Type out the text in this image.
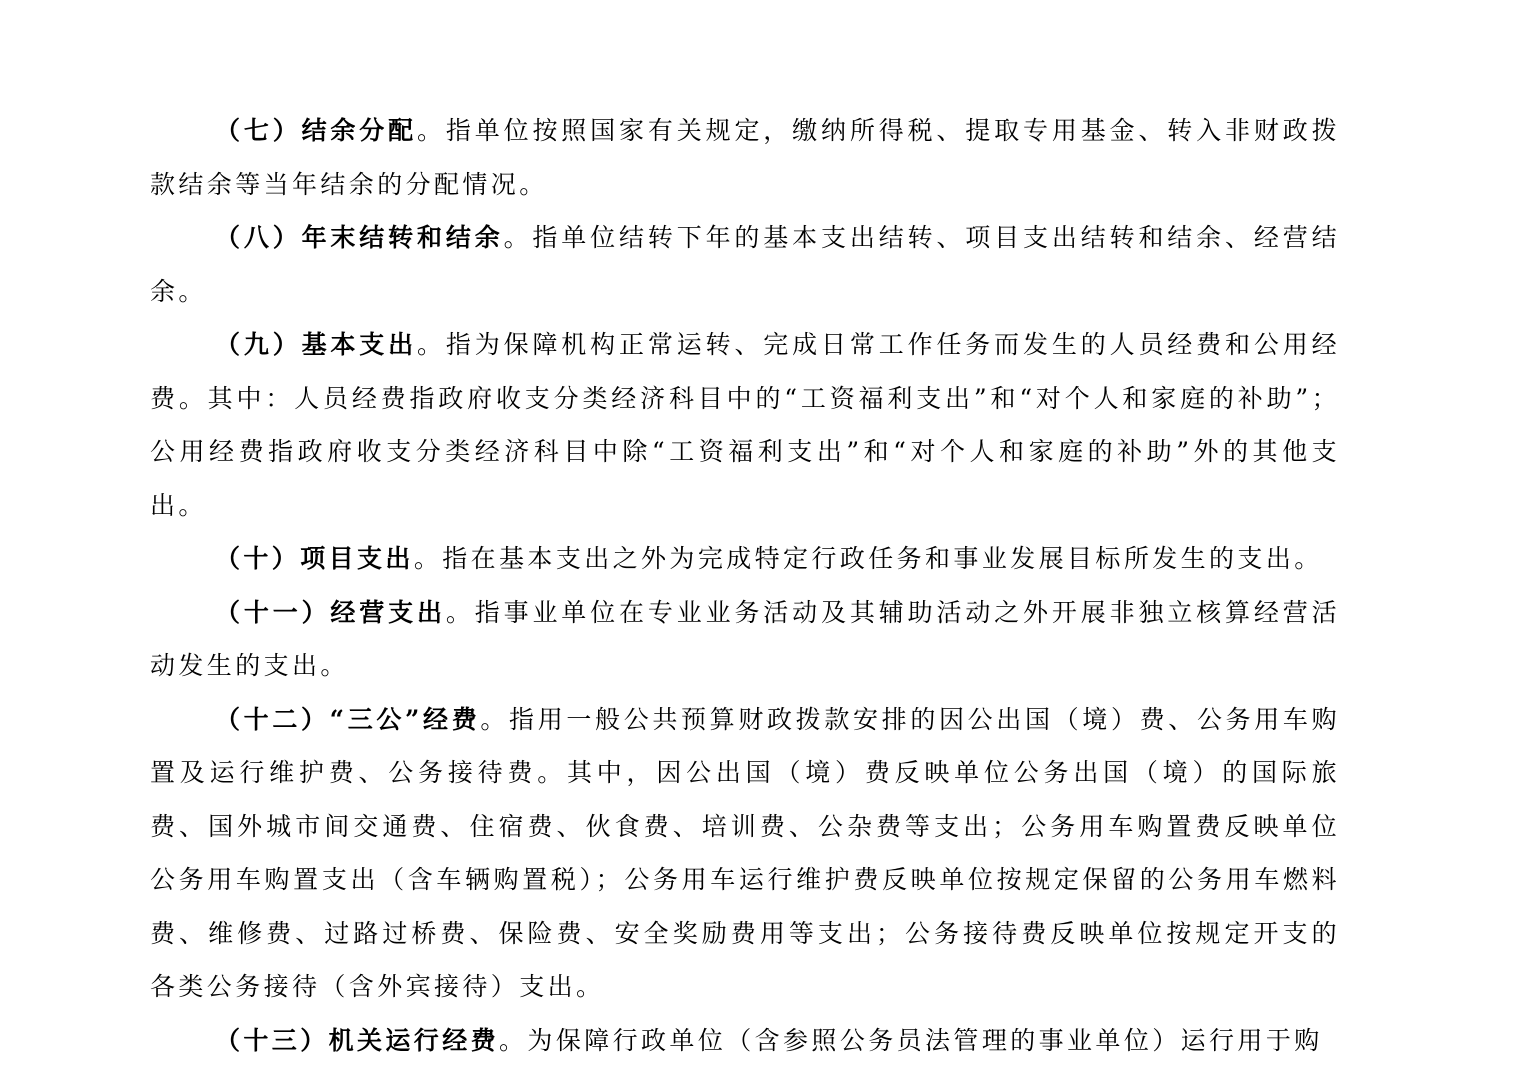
（七）结余分配。指单位按照国家有关规定，缴纳所得税、提取专用基金、转入非财政拨款结余等当年结余的分配情况。

（八）年末结转和结余。指单位结转下年的基本支出结转、项目支出结转和结余、经营结余。

（九）基本支出。指为保障机构正常运转、完成日常工作任务而发生的人员经费和公用经费。其中：人员经费指政府收支分类经济科目中的“工资福利支出”和“对个人和家庭的补助”；公用经费指政府收支分类经济科目中除“工资福利支出”和“对个人和家庭的补助”外的其他支出。

（十）项目支出。指在基本支出之外为完成特定行政任务和事业发展目标所发生的支出。

（十一）经营支出。指事业单位在专业业务活动及其辅助活动之外开展非独立核算经营活动发生的支出。

（十二）“三公”经费。指用一般公共预算财政拨款安排的因公出国（境）费、公务用车购置及运行维护费、公务接待费。其中，因公出国（境）费反映单位公务出国（境）的国际旅费、国外城市间交通费、住宿费、伙食费、培训费、公杂费等支出；公务用车购置费反映单位公务用车购置支出（含车辆购置税）；公务用车运行维护费反映单位按规定保留的公务用车燃料费、维修费、过路过桥费、保险费、安全奖励费用等支出；公务接待费反映单位按规定开支的各类公务接待（含外宾接待）支出。

（十三）机关运行经费。为保障行政单位（含参照公务员法管理的事业单位）运行用于购
